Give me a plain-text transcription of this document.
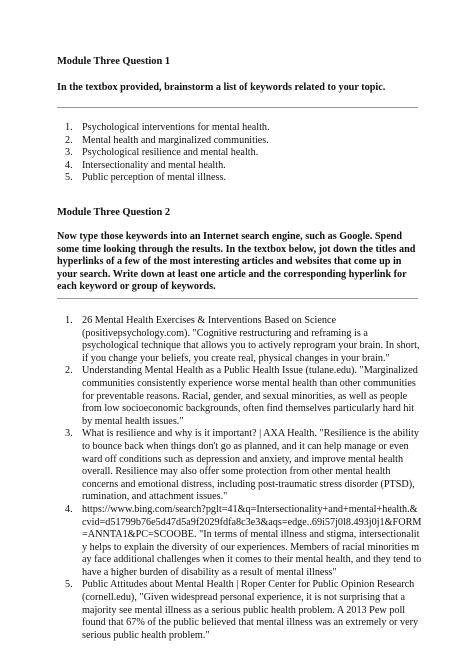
Module Three Question 1
In the textbox provided, brainstorm a list of keywords related to your topic.
1. Psychological interventions for mental health.
2. Mental health and marginalized communities.
3. Psychological resilience and mental health.
4. Intersectionality and mental health.
5. Public perception of mental illness.
Module Three Question 2
Now type those keywords into an Internet search engine, such as Google. Spend some time looking through the results. In the textbox below, jot down the titles and hyperlinks of a few of the most interesting articles and websites that come up in your search. Write down at least one article and the corresponding hyperlink for each keyword or group of keywords.
1. 26 Mental Health Exercises & Interventions Based on Science (positivepsychology.com). "Cognitive restructuring and reframing is a psychological technique that allows you to actively reprogram your brain. In short, if you change your beliefs, you create real, physical changes in your brain."
2. Understanding Mental Health as a Public Health Issue (tulane.edu). "Marginalized communities consistently experience worse mental health than other communities for preventable reasons. Racial, gender, and sexual minorities, as well as people from low socioeconomic backgrounds, often find themselves particularly hard hit by mental health issues."
3. What is resilience and why is it important? | AXA Health. "Resilience is the ability to bounce back when things don't go as planned, and it can help manage or even ward off conditions such as depression and anxiety, and improve mental health overall. Resilience may also offer some protection from other mental health concerns and emotional distress, including post-traumatic stress disorder (PTSD), rumination, and attachment issues."
4. https://www.bing.com/search?pglt=41&q=Intersectionality+and+mental+health.&cvid=d51799b76e5d47d5a9f2029fdfa8c3e3&aqs=edge..69i57j0l8.493j0j1&FORM=ANNTA1&PC=SCOOBE. "In terms of mental illness and stigma, intersectionality helps to explain the diversity of our experiences. Members of racial minorities may face additional challenges when it comes to their mental health, and they tend to have a higher burden of disability as a result of mental illness"
5. Public Attitudes about Mental Health | Roper Center for Public Opinion Research (cornell.edu), "Given widespread personal experience, it is not surprising that a majority see mental illness as a serious public health problem. A 2013 Pew poll found that 67% of the public believed that mental illness was an extremely or very serious public health problem."
